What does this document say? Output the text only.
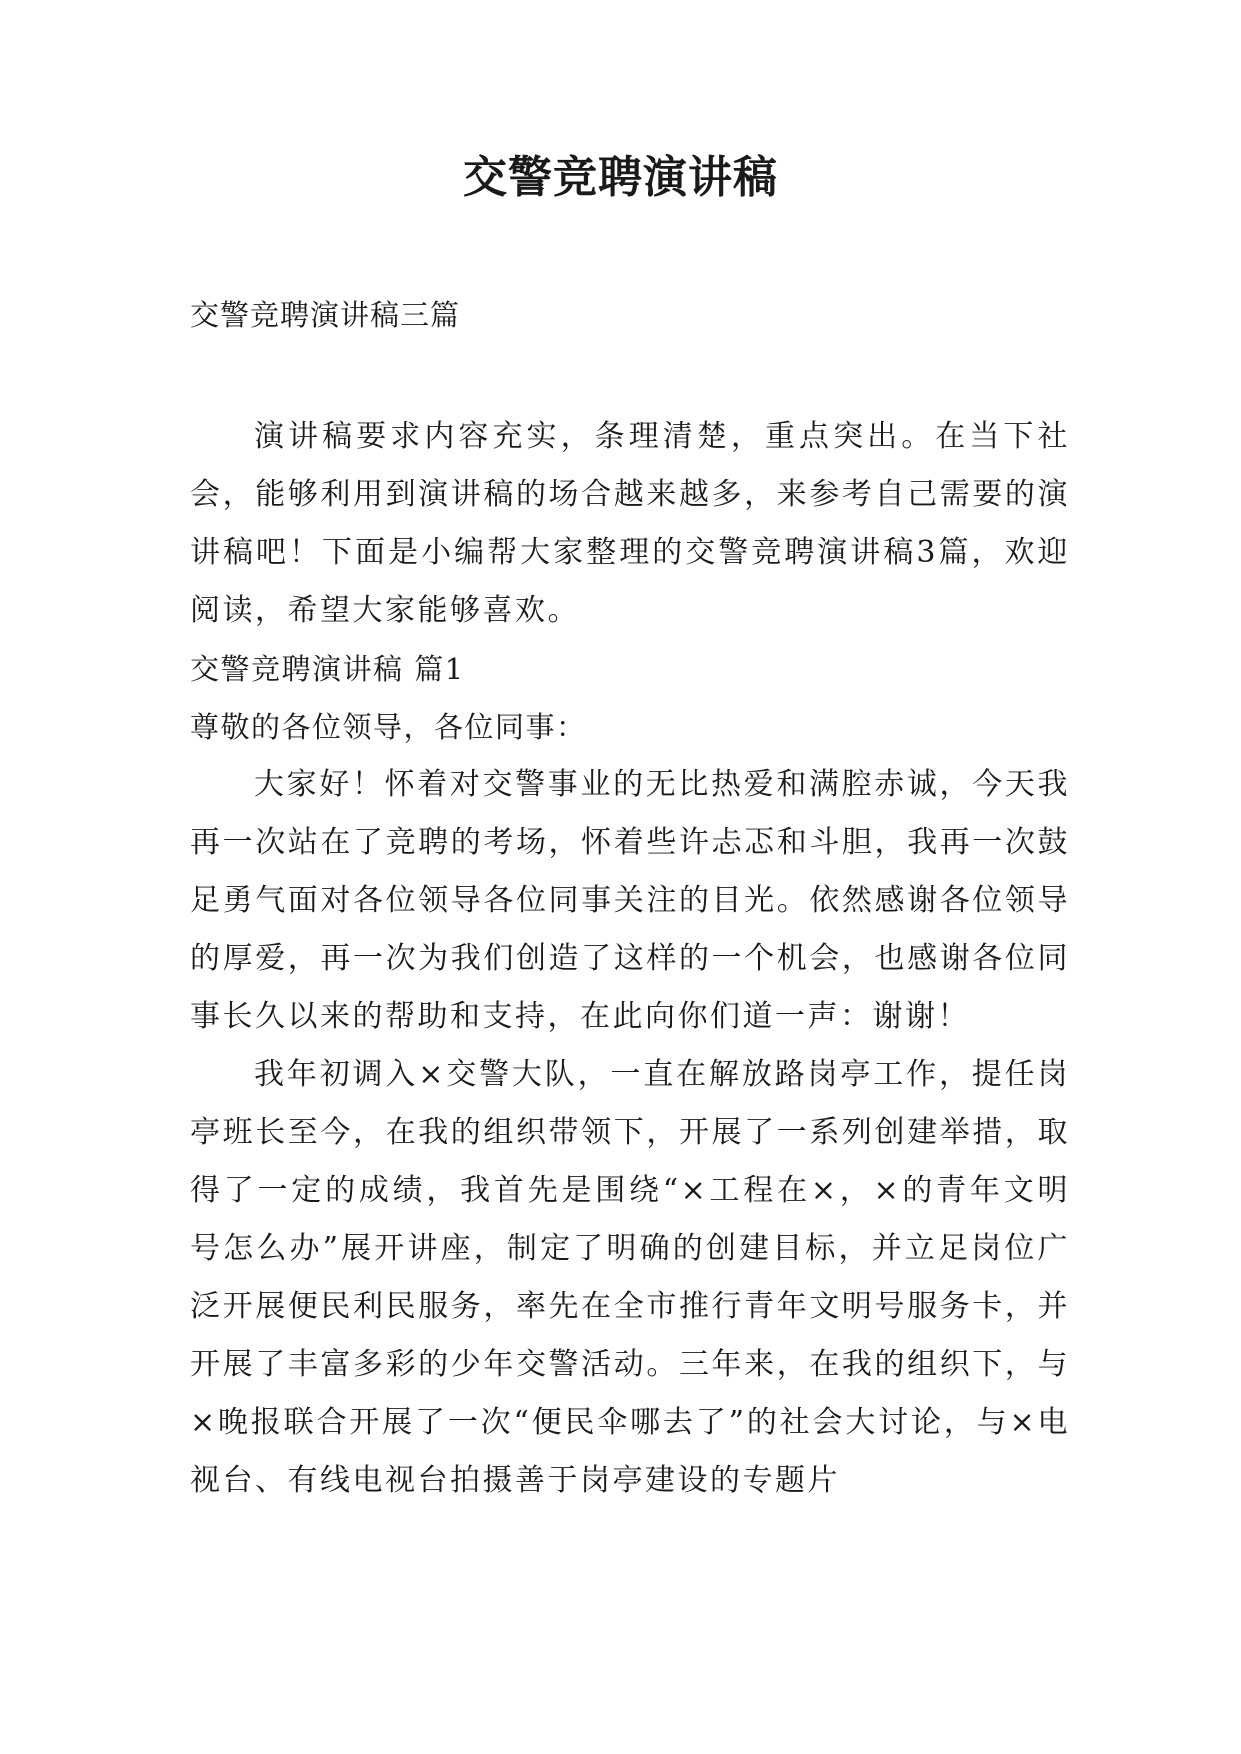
交警竞聘演讲稿

交警竞聘演讲稿三篇

演讲稿要求内容充实，条理清楚，重点突出。在当下社会，能够利用到演讲稿的场合越来越多，来参考自己需要的演讲稿吧！下面是小编帮大家整理的交警竞聘演讲稿3篇，欢迎阅读，希望大家能够喜欢。

交警竞聘演讲稿 篇1

尊敬的各位领导，各位同事：

大家好！怀着对交警事业的无比热爱和满腔赤诚，今天我再一次站在了竞聘的考场，怀着些许忐忑和斗胆，我再一次鼓足勇气面对各位领导各位同事关注的目光。依然感谢各位领导的厚爱，再一次为我们创造了这样的一个机会，也感谢各位同事长久以来的帮助和支持，在此向你们道一声：谢谢！

我年初调入×交警大队，一直在解放路岗亭工作，提任岗亭班长至今，在我的组织带领下，开展了一系列创建举措，取得了一定的成绩，我首先是围绕“×工程在×，×的青年文明号怎么办”展开讲座，制定了明确的创建目标，并立足岗位广泛开展便民利民服务，率先在全市推行青年文明号服务卡，并开展了丰富多彩的少年交警活动。三年来，在我的组织下，与×晚报联合开展了一次“便民伞哪去了”的社会大讨论，与×电视台、有线电视台拍摄善于岗亭建设的专题片
